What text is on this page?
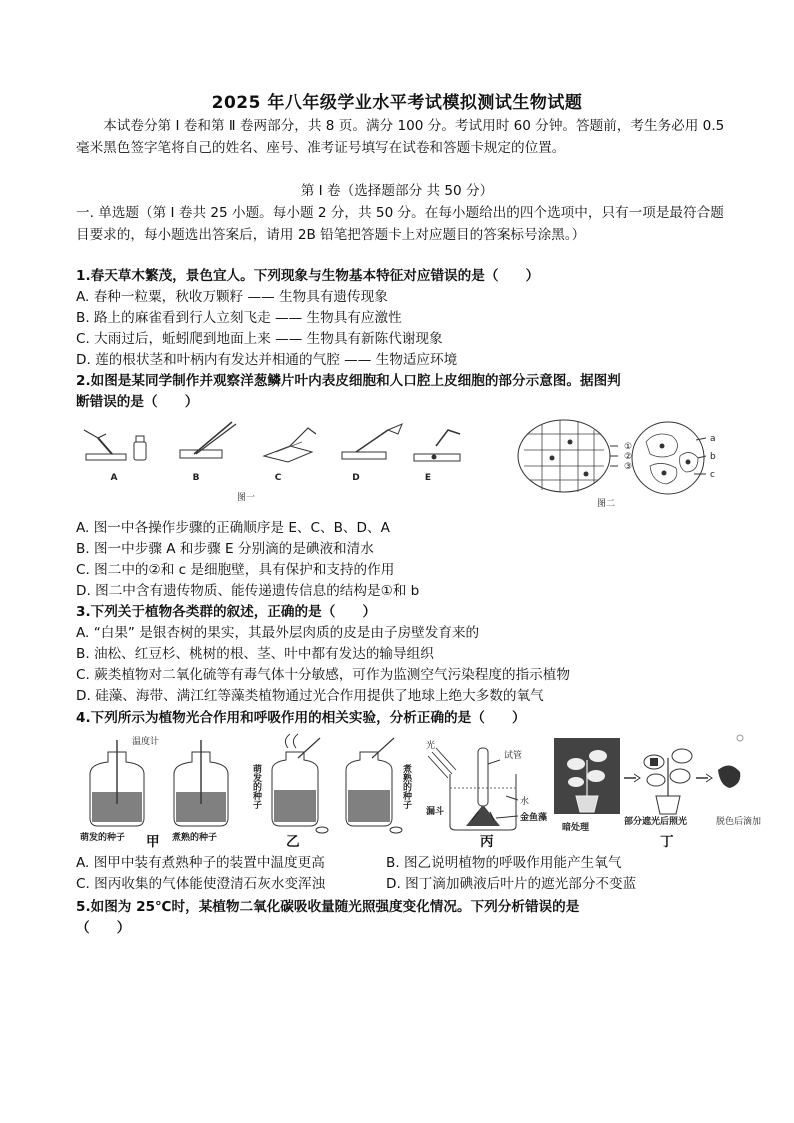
2025 年八年级学业水平考试模拟测试生物试题
本试卷分第 Ⅰ 卷和第 Ⅱ 卷两部分，共 8 页。满分 100 分。考试用时 60 分钟。答题前，考生务必用 0.5 毫米黑色签字笔将自己的姓名、座号、准考证号填写在试卷和答题卡规定的位置。
第 Ⅰ 卷（选择题部分 共 50 分）
一. 单选题（第 Ⅰ 卷共 25 小题。每小题 2 分，共 50 分。在每小题给出的四个选项中，只有一项是最符合题目要求的，每小题选出答案后，请用 2B 铅笔把答题卡上对应题目的答案标号涂黑。）
1.春天草木繁茂，景色宜人。下列现象与生物基本特征对应错误的是（　　）
A. 春种一粒粟，秋收万颗籽 —— 生物具有遗传现象
B. 路上的麻雀看到行人立刻飞走 —— 生物具有应激性
C. 大雨过后，蚯蚓爬到地面上来 —— 生物具有新陈代谢现象
D. 莲的根状茎和叶柄内有发达并相通的气腔 —— 生物适应环境
2.如图是某同学制作并观察洋葱鳞片叶内表皮细胞和人口腔上皮细胞的部分示意图。据图判
断错误的是（　　）
A	B	C	D	E
图一
①
②
③
a
b
c
图二
A. 图一中各操作步骤的正确顺序是 E、C、B、D、A
B. 图一中步骤 A 和步骤 E 分别滴的是碘液和清水
C. 图二中的②和 c 是细胞壁，具有保护和支持的作用
D. 图二中含有遗传物质、能传递遗传信息的结构是①和 b
3.下列关于植物各类群的叙述，正确的是（　　）
A. “白果” 是银杏树的果实，其最外层肉质的皮是由子房壁发育来的
B. 油松、红豆杉、桃树的根、茎、叶中都有发达的输导组织
C. 蕨类植物对二氧化硫等有毒气体十分敏感，可作为监测空气污染程度的指示植物
D. 硅藻、海带、满江红等藻类植物通过光合作用提供了地球上绝大多数的氧气
4.下列所示为植物光合作用和呼吸作用的相关实验，分析正确的是（　　）
温度计
萌发的种子	煮熟的种子
萌发的种子	煮熟的种子
光
试管
水
漏斗
金鱼藻
暗处理
部分遮光后照光	脱色后滴加
甲	乙	丙	丁
A. 图甲中装有煮熟种子的装置中温度更高	B. 图乙说明植物的呼吸作用能产生氧气
C. 图丙收集的气体能使澄清石灰水变浑浊	D. 图丁滴加碘液后叶片的遮光部分不变蓝
5.如图为 25℃时，某植物二氧化碳吸收量随光照强度变化情况。下列分析错误的是
（　　）
